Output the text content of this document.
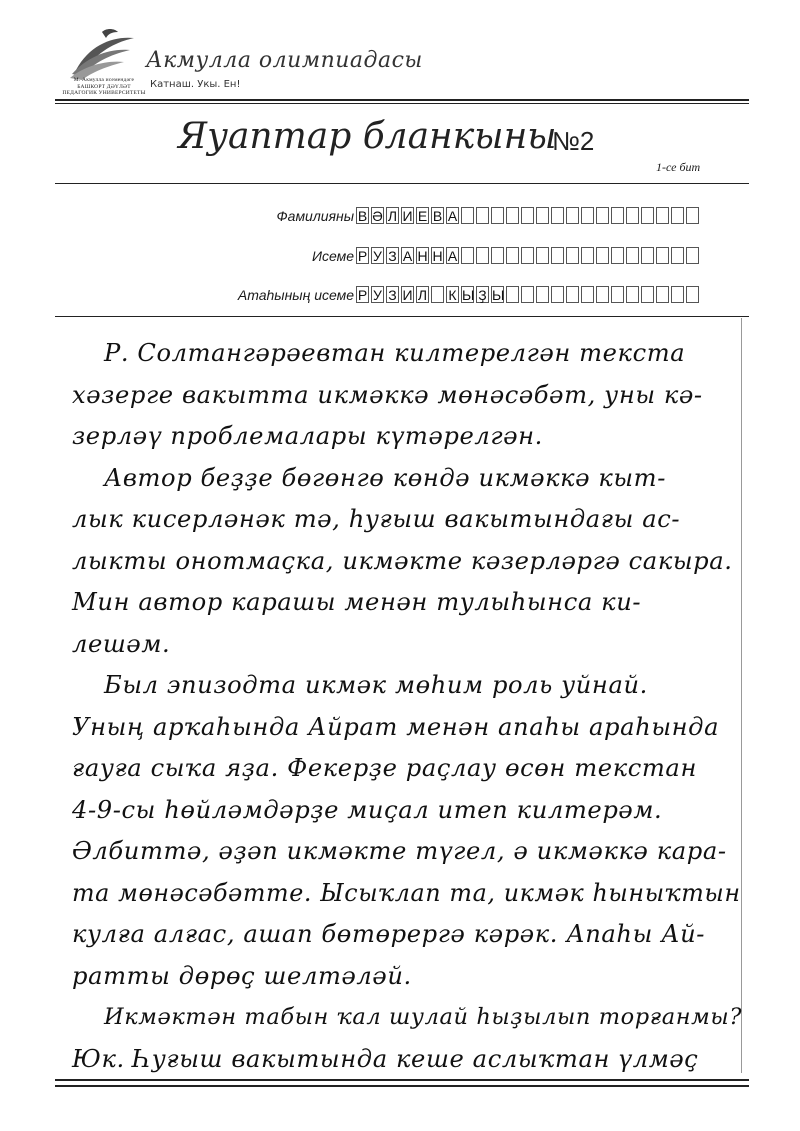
М. Акмулла исемендәге
БАШКОРТ ДӘҮЛӘТ
ПЕДАГОГИК УНИВЕРСИТЕТЫ
Акмулла олимпиадасы
Катнаш. Укы. Ен!
Яуаптар бланкыны
№2
1-се бит
Фамилияны В Ә Л И Е В А
Исеме Р У З А Н Н А
Атаһының исеме Р У З И Л К Ы Ҙ Ы
Р. Солтангәрәевтан килтерелгән текста
хәзерге вакытта икмәккә мөнәсәбәт, уны кә-
зерләү проблемалары күтәрелгән.
Автор беҙҙе бөгөнгө көндә икмәккә кыт-
лык кисерләнәк тә, һуғыш вакытындағы ас-
лыкты онотмаҫка, икмәкте кәзерләргә сакыра.
Мин автор карашы менән тулыһынса ки-
лешәм.
Был эпизодта икмәк мөһим роль уйнай.
Уның арҡаһында Айрат менән апаһы араһында
ғауға сыҡа яҙа. Фекерҙе раҫлау өсөн текстан
4-9-сы һөйләмдәрҙе миҫал итеп килтерәм.
Әлбиттә, әҙәп икмәкте түгел, ә икмәккә кара-
та мөнәсәбәтте. Ысыҡлап та, икмәк һыныҡтын
кулға алғас, ашап бөтөрергә кәрәк. Апаһы Ай-
ратты дөрөҫ шелтәләй.
Икмәктән табын ҡал шулай һыҙылып торғанмы?
Юк. Һуғыш вакытында кеше аслыҡтан үлмәҫ
